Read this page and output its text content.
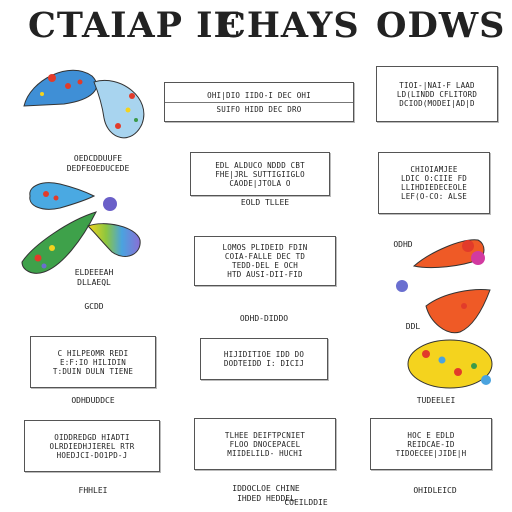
CTAIAP IE
CHAYS ODWS
OHI|DIO IIDO-I DEC OHI
SUIFO HIDD DEC DRO
TIOI-|NAI-F LAAD
LD(LINDD CFLITORD
DCIOD(MODEI|AD|D
EDL ALDUCO NDDD CBT
FHE|JRL SUTTIGIIGLO
CAODE|JTOLA O
CHIOIAMJEE
LDIC O:CIIE FD
LLIHDIEDECEOLE
LEF(O-CO: ALSE
LOMOS PLIDEID FDIN
COIA-FALLE DEC TD
TEDD-DEL E OCH
HTD AUSI-DII-FID
C HILPEOMR REDI
E:F:IO HILIDIN
T:DUIN DULN TIENE
HIJIDITIOE IDD DO
DODTEIDD I: DICIJ
OIDDREDGD HIADTI
OLRDIEDHJIEREL RTR
HOEDJCI-DO1PD-J
TLHEE DEIFTPCNIET
FLOO DNOCEPACEL
MIIDELILD- HUCHI
HOC E EDLD
REIDCAE-ID
TIDOECEE|JIDE|H
OEDCDDUUFE
DEDFEOEDUCEDE
EOLD TLLEE
ODHD
ELDEEEAH
DLLAEQL
GCDD
ODHD-DIDDO
DDL
ODHDUDDCE	TUDEELEI
IDDOCLOE CHINE
IHDED HEDDEL
FHHLEI	OHIDLEICD
COEILDDIE
